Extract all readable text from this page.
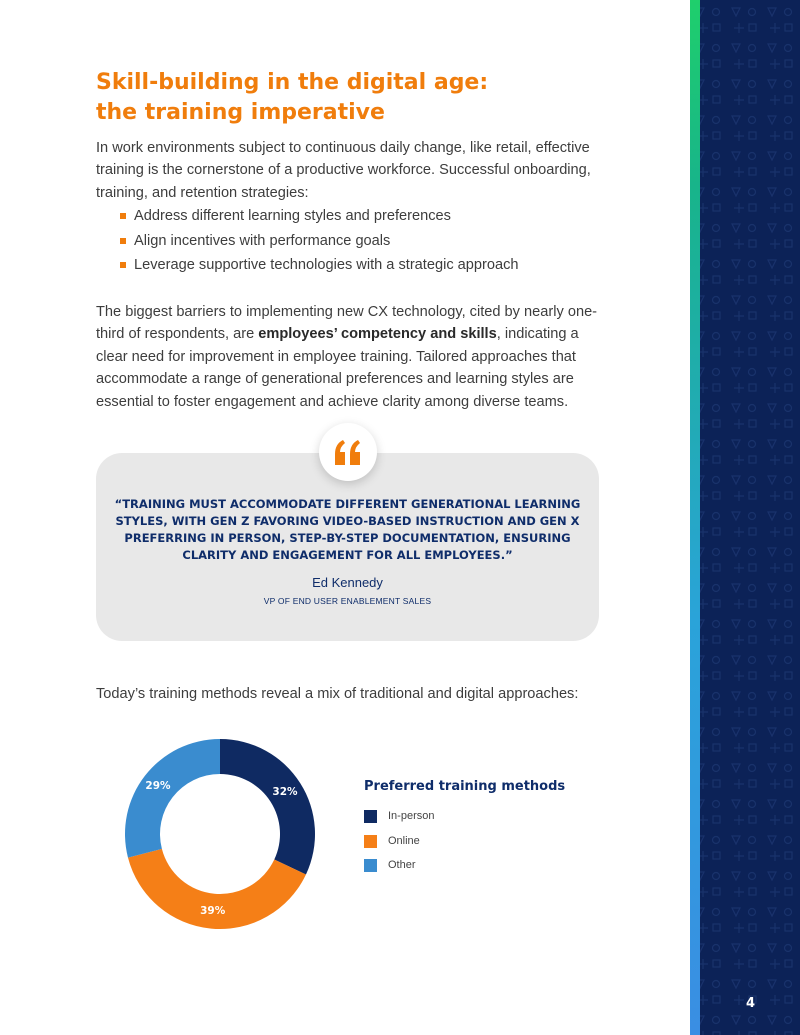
Skill-building in the digital age: the training imperative

In work environments subject to continuous daily change, like retail, effective training is the cornerstone of a productive workforce. Successful onboarding, training, and retention strategies:

Address different learning styles and preferences
Align incentives with performance goals
Leverage supportive technologies with a strategic approach

The biggest barriers to implementing new CX technology, cited by nearly one-third of respondents, are employees’ competency and skills, indicating a clear need for improvement in employee training. Tailored approaches that accommodate a range of generational preferences and learning styles are essential to foster engagement and achieve clarity among diverse teams.

Today’s training methods reveal a mix of traditional and digital approaches:

“TRAINING MUST ACCOMMODATE DIFFERENT GENERATIONAL LEARNING STYLES, WITH GEN Z FAVORING VIDEO-BASED INSTRUCTION AND GEN X PREFERRING IN PERSON, STEP-BY-STEP DOCUMENTATION, ENSURING CLARITY AND ENGAGEMENT FOR ALL EMPLOYEES.”

Ed Kennedy
VP OF END USER ENABLEMENT SALES
32%
39%
29%	Preferred training methods
In-person
Online
Other
4
